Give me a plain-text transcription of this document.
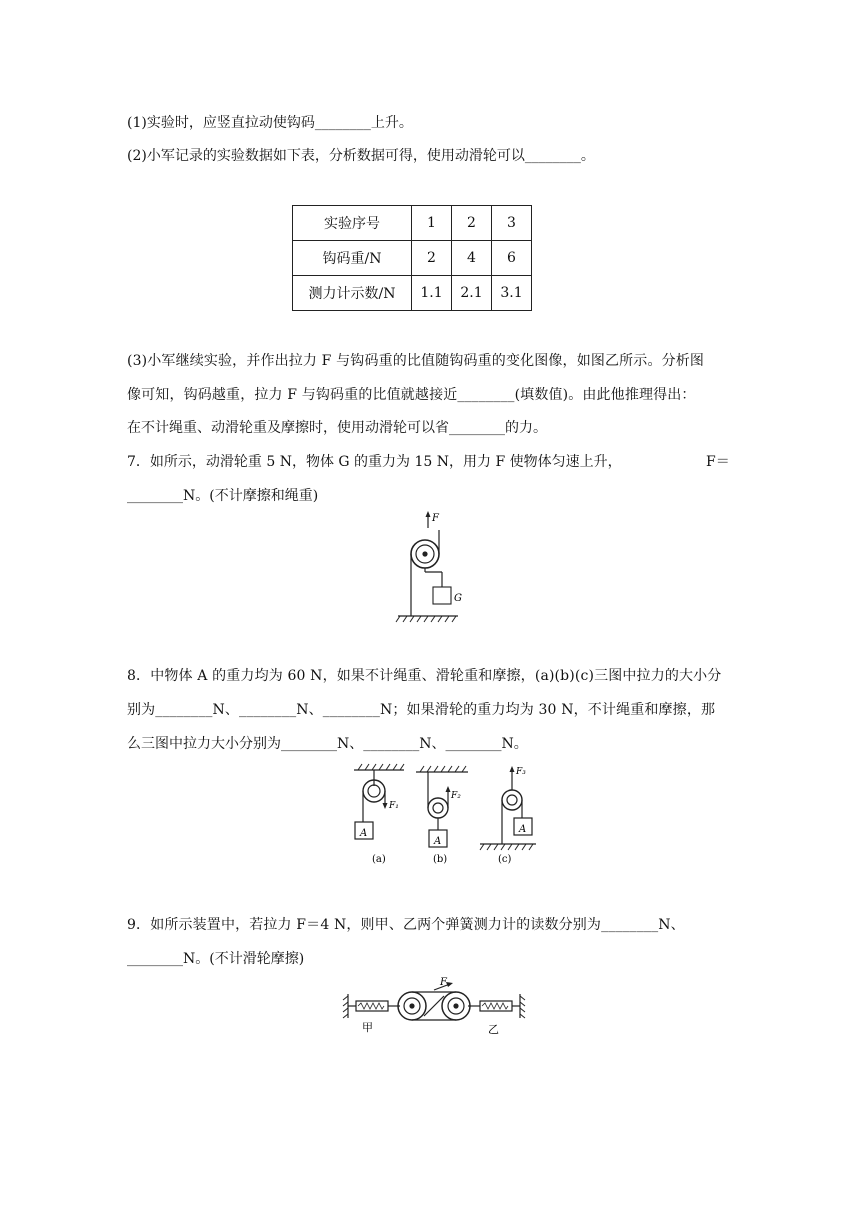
(1)实验时，应竖直拉动使钩码________上升。
(2)小军记录的实验数据如下表，分析数据可得，使用动滑轮可以________。
实验序号	1	2	3
钩码重/N	2	4	6
测力计示数/N	1.1	2.1	3.1
(3)小军继续实验，并作出拉力 F 与钩码重的比值随钩码重的变化图像，如图乙所示。分析图
像可知，钩码越重，拉力 F 与钩码重的比值就越接近________(填数值)。由此他推理得出：
在不计绳重、动滑轮重及摩擦时，使用动滑轮可以省________的力。
7．如所示，动滑轮重 5 N，物体 G 的重力为 15 N，用力 F 使物体匀速上升，	F＝
________N。(不计摩擦和绳重)
F
G
8．中物体 A 的重力均为 60 N，如果不计绳重、滑轮重和摩擦，(a)(b)(c)三图中拉力的大小分
别为________N、________N、________N；如果滑轮的重力均为 30 N，不计绳重和摩擦，那
么三图中拉力大小分别为________N、________N、________N。
A
A
A
F₁
F₂
F₃
(a)	(b)	(c)
9．如所示装置中，若拉力 F＝4 N，则甲、乙两个弹簧测力计的读数分别为________N、
________N。(不计滑轮摩擦)
F
甲	乙
